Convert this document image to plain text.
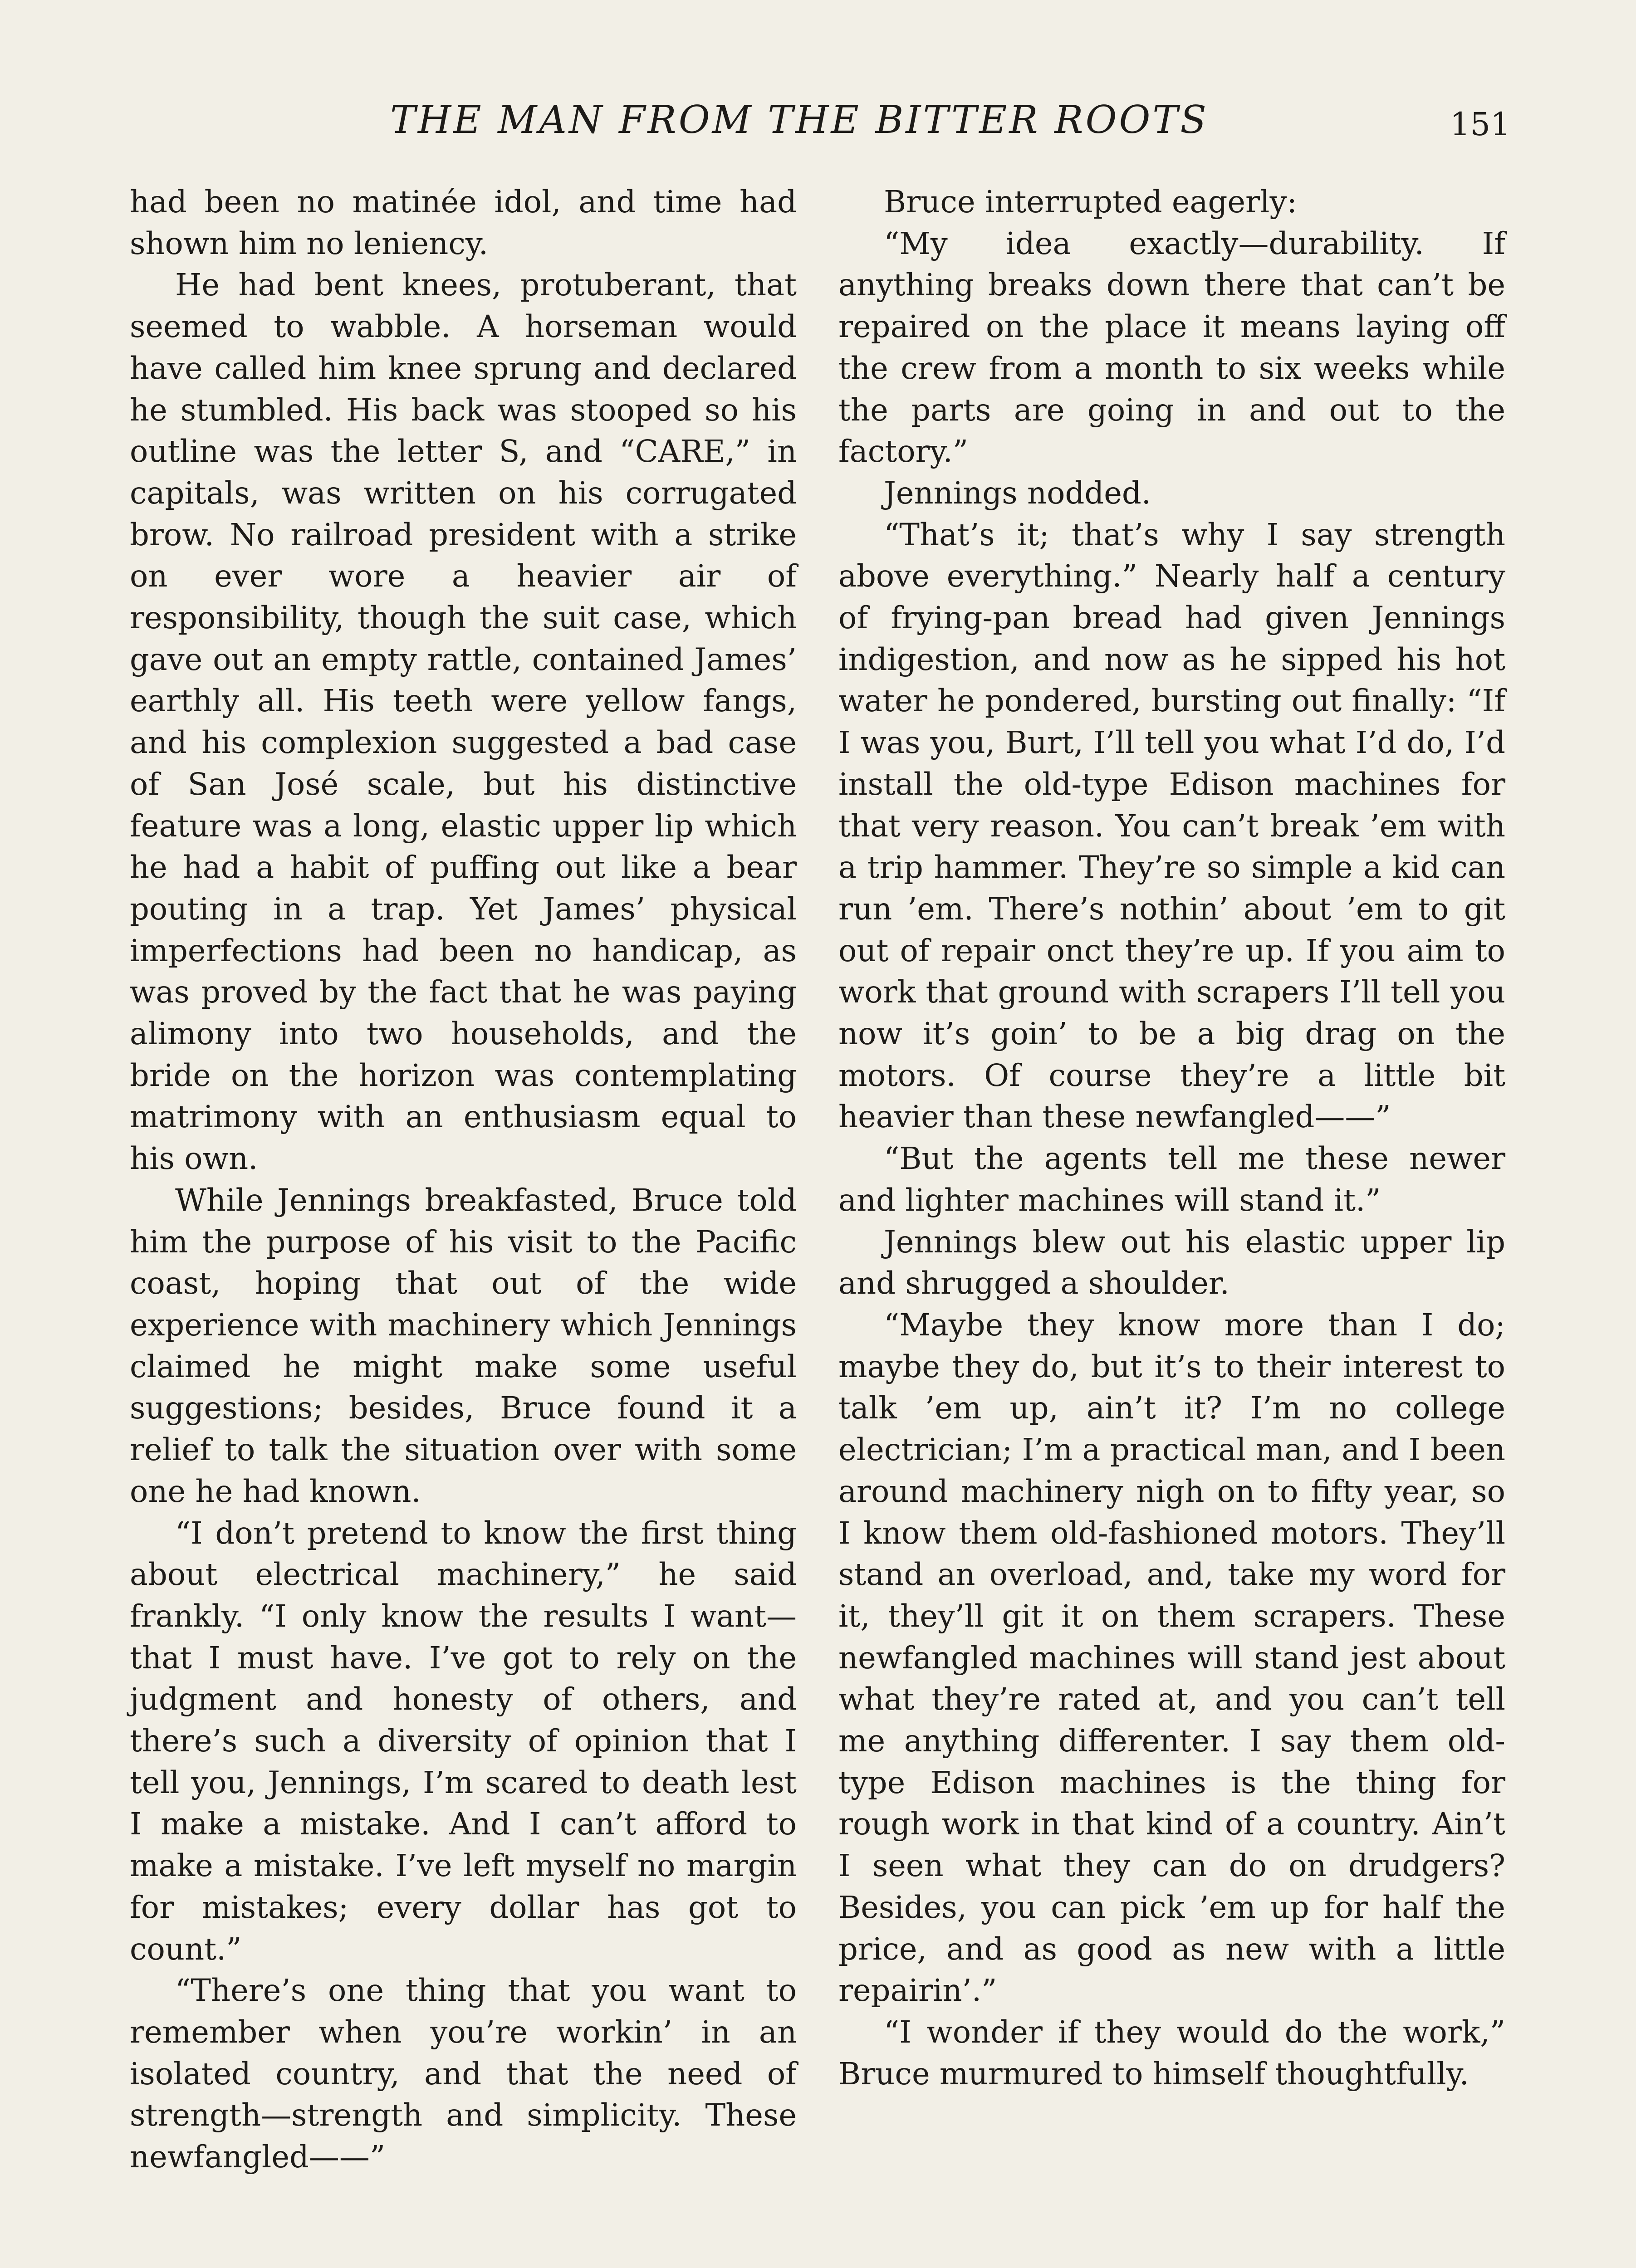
THE MAN FROM THE BITTER ROOTS	151

had been no matinée idol, and time had shown him no leniency.

He had bent knees, protuberant, that seemed to wabble. A horseman would have called him knee sprung and declared he stumbled. His back was stooped so his outline was the letter S, and “CARE,” in capitals, was written on his corrugated brow. No railroad president with a strike on ever wore a heavier air of responsibility, though the suit case, which gave out an empty rattle, contained James’ earthly all. His teeth were yellow fangs, and his complexion suggested a bad case of San José scale, but his distinctive feature was a long, elastic upper lip which he had a habit of puffing out like a bear pouting in a trap. Yet James’ physical imperfections had been no handicap, as was proved by the fact that he was paying alimony into two households, and the bride on the horizon was contemplating matrimony with an enthusiasm equal to his own.

While Jennings breakfasted, Bruce told him the purpose of his visit to the Pacific coast, hoping that out of the wide experience with machinery which Jennings claimed he might make some useful suggestions; besides, Bruce found it a relief to talk the situation over with some one he had known.

“I don’t pretend to know the first thing about electrical machinery,” he said frankly. “I only know the results I want—that I must have. I’ve got to rely on the judgment and honesty of others, and there’s such a diversity of opinion that I tell you, Jennings, I’m scared to death lest I make a mistake. And I can’t afford to make a mistake. I’ve left myself no margin for mistakes; every dollar has got to count.”

“There’s one thing that you want to remember when you’re workin’ in an isolated country, and that the need of strength—strength and simplicity. These newfangled——”

Bruce interrupted eagerly:

“My idea exactly—durability. If anything breaks down there that can’t be repaired on the place it means laying off the crew from a month to six weeks while the parts are going in and out to the factory.”

Jennings nodded.

“That’s it; that’s why I say strength above everything.” Nearly half a century of frying-pan bread had given Jennings indigestion, and now as he sipped his hot water he pondered, bursting out finally: “If I was you, Burt, I’ll tell you what I’d do, I’d install the old-type Edison machines for that very reason. You can’t break ’em with a trip hammer. They’re so simple a kid can run ’em. There’s nothin’ about ’em to git out of repair onct they’re up. If you aim to work that ground with scrapers I’ll tell you now it’s goin’ to be a big drag on the motors. Of course they’re a little bit heavier than these newfangled——”

“But the agents tell me these newer and lighter machines will stand it.”

Jennings blew out his elastic upper lip and shrugged a shoulder.

“Maybe they know more than I do; maybe they do, but it’s to their interest to talk ’em up, ain’t it? I’m no college electrician; I’m a practical man, and I been around machinery nigh on to fifty year, so I know them old-fashioned motors. They’ll stand an overload, and, take my word for it, they’ll git it on them scrapers. These newfangled machines will stand jest about what they’re rated at, and you can’t tell me anything differenter. I say them old-type Edison machines is the thing for rough work in that kind of a country. Ain’t I seen what they can do on drudgers? Besides, you can pick ’em up for half the price, and as good as new with a little repairin’.”

“I wonder if they would do the work,” Bruce murmured to himself thoughtfully.
